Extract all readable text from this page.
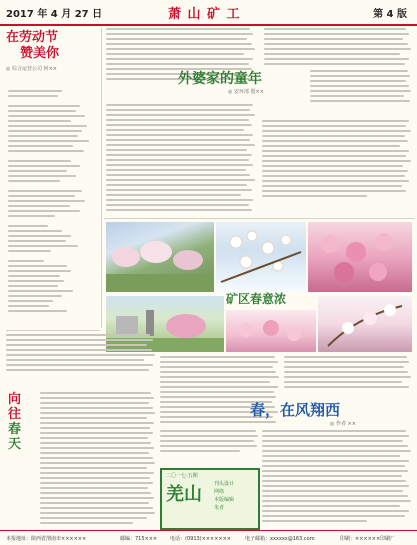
2017 年 4 月 27 日	萧 山 矿 工	第 4 版
在劳动节
赞美你
◎ 综合运营公司 何××
外婆家的童年
◎ 安环部 殷××
矿区春意浓
向
往
春
天
春，在风翔西
◎ 作者 ××
二〇一七·五期
羌山 刊头设计
网络
本版编辑
朱者
本报地址：陕西省渭南市××××××	邮编：715×××	电话：(0913)×××××××	电子邮箱：xxxxxx@163.com	印刷：××××××印刷厂
